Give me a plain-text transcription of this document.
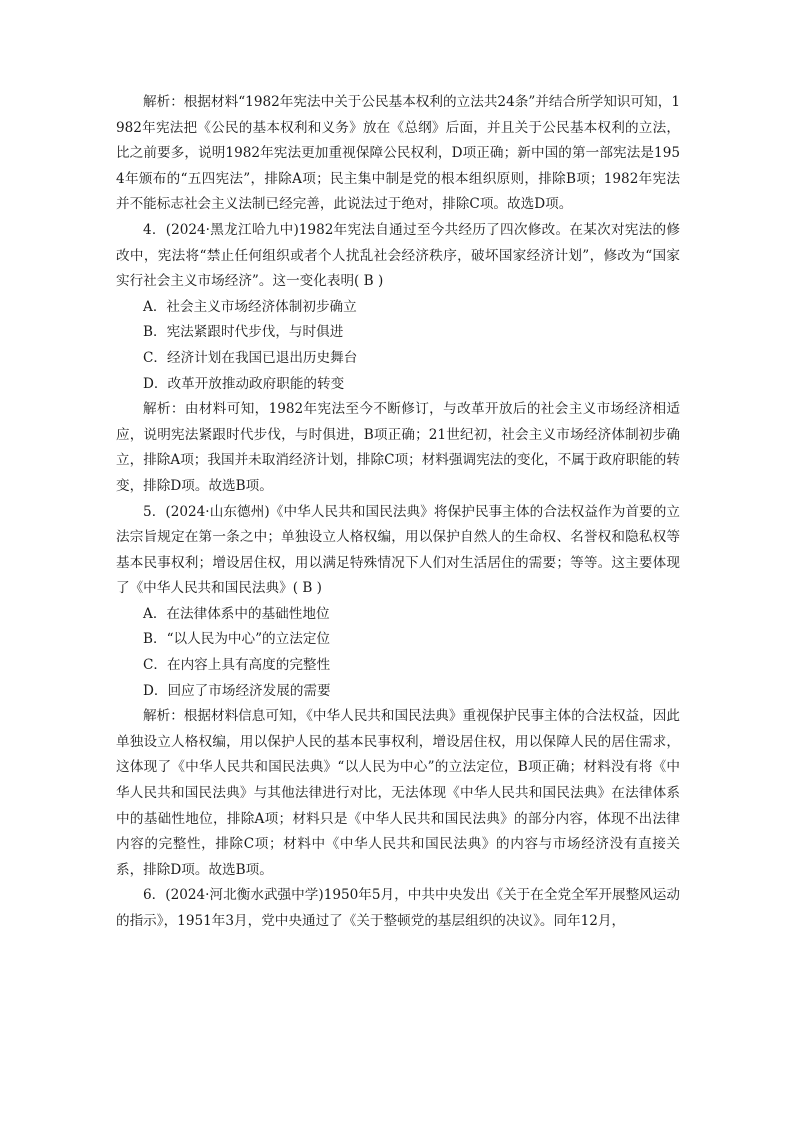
解析：根据材料“1982年宪法中关于公民基本权利的立法共24条”并结合所学知识可知，1982年宪法把《公民的基本权利和义务》放在《总纲》后面，并且关于公民基本权利的立法，比之前要多，说明1982年宪法更加重视保障公民权利，D项正确；新中国的第一部宪法是1954年颁布的“五四宪法”，排除A项；民主集中制是党的根本组织原则，排除B项；1982年宪法并不能标志社会主义法制已经完善，此说法过于绝对，排除C项。故选D项。

4．(2024·黑龙江哈九中)1982年宪法自通过至今共经历了四次修改。在某次对宪法的修改中，宪法将“禁止任何组织或者个人扰乱社会经济秩序，破坏国家经济计划”，修改为“国家实行社会主义市场经济”。这一变化表明( B )

A．社会主义市场经济体制初步确立

B．宪法紧跟时代步伐，与时俱进

C．经济计划在我国已退出历史舞台

D．改革开放推动政府职能的转变

解析：由材料可知，1982年宪法至今不断修订，与改革开放后的社会主义市场经济相适应，说明宪法紧跟时代步伐，与时俱进，B项正确；21世纪初，社会主义市场经济体制初步确立，排除A项；我国并未取消经济计划，排除C项；材料强调宪法的变化，不属于政府职能的转变，排除D项。故选B项。

5．(2024·山东德州)《中华人民共和国民法典》将保护民事主体的合法权益作为首要的立法宗旨规定在第一条之中；单独设立人格权编，用以保护自然人的生命权、名誉权和隐私权等基本民事权利；增设居住权，用以满足特殊情况下人们对生活居住的需要；等等。这主要体现了《中华人民共和国民法典》( B )

A．在法律体系中的基础性地位

B．“以人民为中心”的立法定位

C．在内容上具有高度的完整性

D．回应了市场经济发展的需要

解析：根据材料信息可知，《中华人民共和国民法典》重视保护民事主体的合法权益，因此单独设立人格权编，用以保护人民的基本民事权利，增设居住权，用以保障人民的居住需求，这体现了《中华人民共和国民法典》“以人民为中心”的立法定位，B项正确；材料没有将《中华人民共和国民法典》与其他法律进行对比，无法体现《中华人民共和国民法典》在法律体系中的基础性地位，排除A项；材料只是《中华人民共和国民法典》的部分内容，体现不出法律内容的完整性，排除C项；材料中《中华人民共和国民法典》的内容与市场经济没有直接关系，排除D项。故选B项。

6．(2024·河北衡水武强中学)1950年5月，中共中央发出《关于在全党全军开展整风运动的指示》，1951年3月，党中央通过了《关于整顿党的基层组织的决议》。同年12月，
